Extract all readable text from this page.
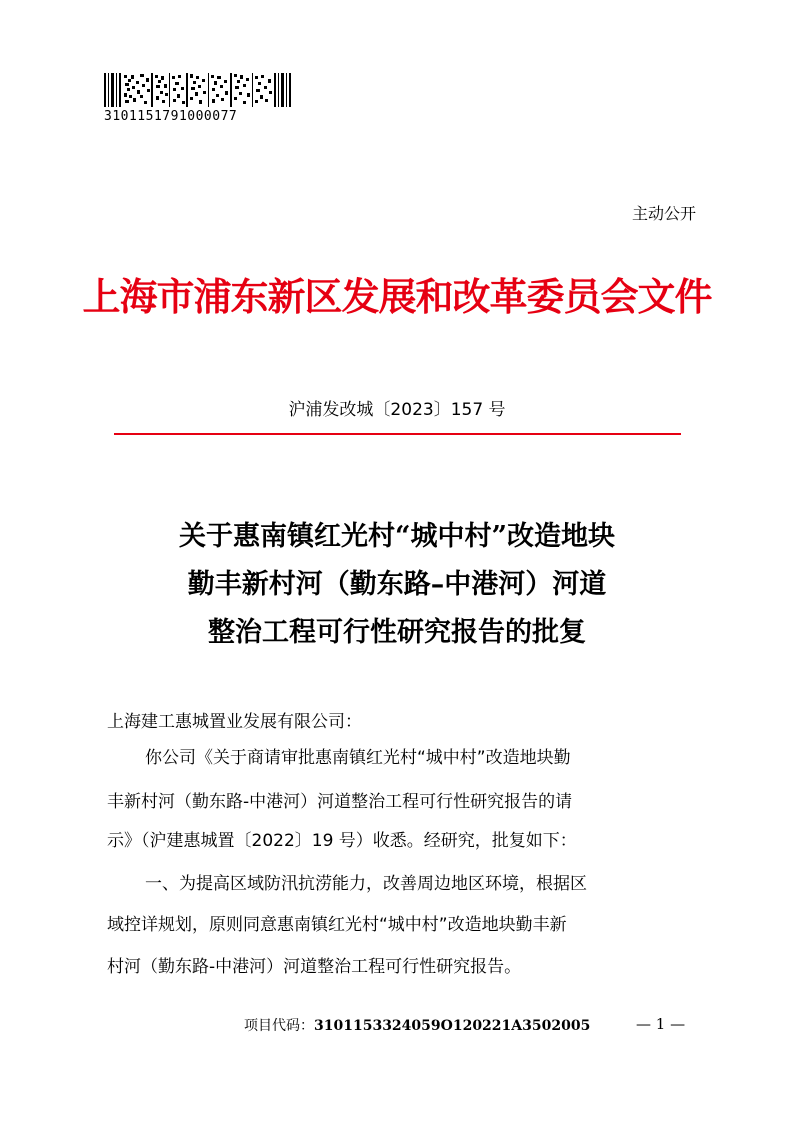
3101151791000077
主动公开
上海市浦东新区发展和改革委员会文件
沪浦发改城〔2023〕157 号
关于惠南镇红光村“城中村”改造地块
勤丰新村河（勤东路–中港河）河道
整治工程可行性研究报告的批复
上海建工惠城置业发展有限公司：
你公司《关于商请审批惠南镇红光村“城中村”改造地块勤
丰新村河（勤东路-中港河）河道整治工程可行性研究报告的请
示》（沪建惠城置〔2022〕19 号）收悉。经研究，批复如下：
一、为提高区域防汛抗涝能力，改善周边地区环境，根据区
域控详规划，原则同意惠南镇红光村“城中村”改造地块勤丰新
村河（勤东路-中港河）河道整治工程可行性研究报告。
项目代码：3101153324059O120221A3502005	— 1 —
